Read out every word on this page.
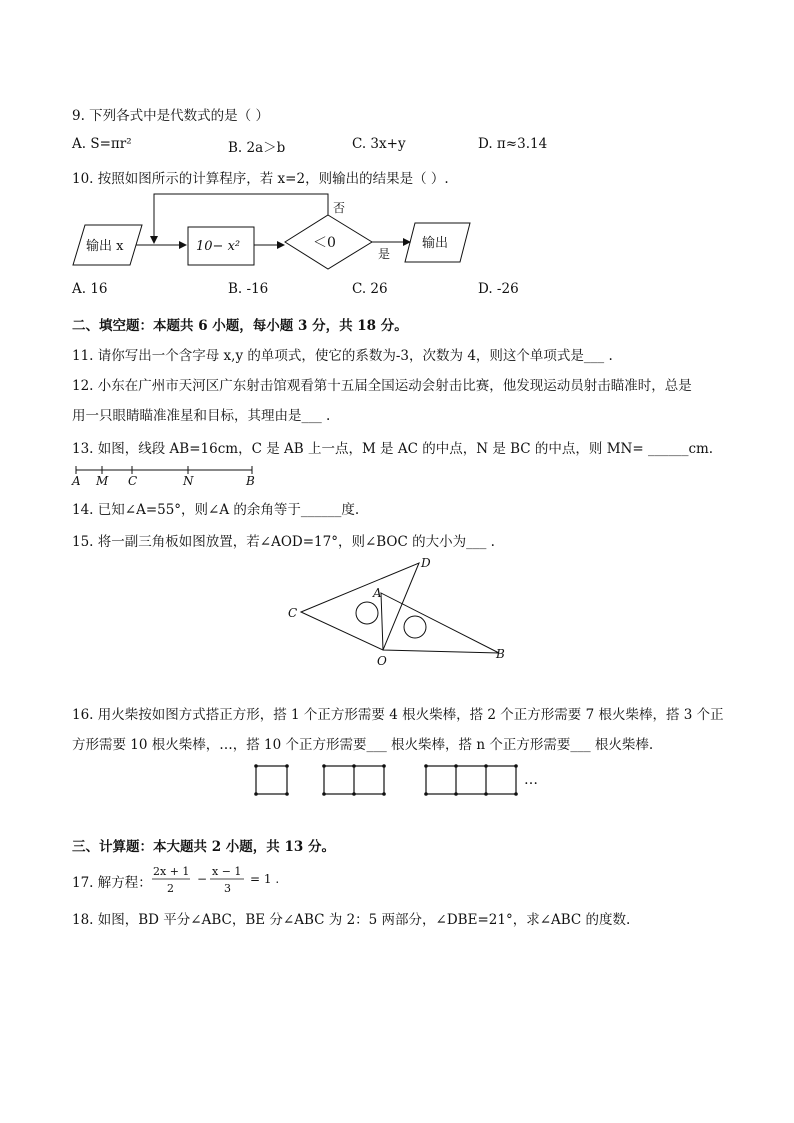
9. 下列各式中是代数式的是（ ）
A. S=πr²	B. 2a＞b	C. 3x+y	D. π≈3.14
10. 按照如图所示的计算程序，若 x=2，则输出的结果是（ ）.
输出 x	10− x²	＜0
否
是
输出
A. 16	B. -16	C. 26	D. -26
二、填空题：本题共 6 小题，每小题 3 分，共 18 分。
11. 请你写出一个含字母 x,y 的单项式，使它的系数为-3，次数为 4，则这个单项式是___ .
12. 小东在广州市天河区广东射击馆观看第十五届全国运动会射击比赛，他发现运动员射击瞄准时，总是
用一只眼睛瞄准准星和目标，其理由是___ .
13. 如图，线段 AB=16cm，C 是 AB 上一点，M 是 AC 的中点，N 是 BC 的中点，则 MN= ______cm.
A M C	N	B
14. 已知∠A=55°，则∠A 的余角等于______度.
15. 将一副三角板如图放置，若∠AOD=17°，则∠BOC 的大小为___ .
D
A
C
O	B
16. 用火柴按如图方式搭正方形，搭 1 个正方形需要 4 根火柴棒，搭 2 个正方形需要 7 根火柴棒，搭 3 个正
方形需要 10 根火柴棒，…，搭 10 个正方形需要___ 根火柴棒，搭 n 个正方形需要___ 根火柴棒.
…
三、计算题：本大题共 2 小题，共 13 分。
17. 解方程：
2x + 1
2
−
x − 1
3
= 1 .
18. 如图，BD 平分∠ABC，BE 分∠ABC 为 2：5 两部分，∠DBE=21°，求∠ABC 的度数.
